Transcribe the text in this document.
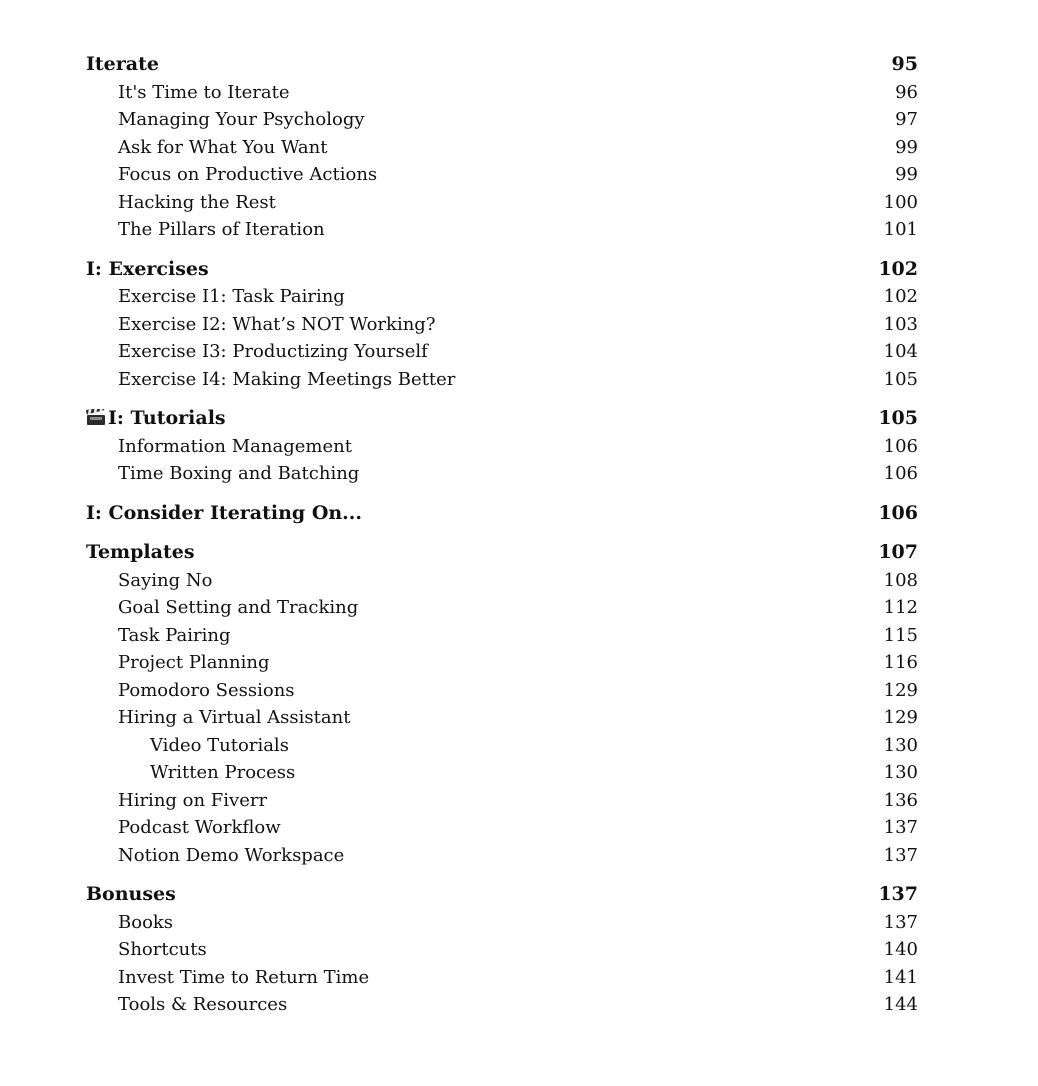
Iterate	95
It's Time to Iterate	96
Managing Your Psychology	97
Ask for What You Want	99
Focus on Productive Actions	99
Hacking the Rest	100
The Pillars of Iteration	101
I: Exercises	102
Exercise I1: Task Pairing	102
Exercise I2: What’s NOT Working?	103
Exercise I3: Productizing Yourself	104
Exercise I4: Making Meetings Better	105
I: Tutorials	105
Information Management	106
Time Boxing and Batching	106
I: Consider Iterating On...	106
Templates	107
Saying No	108
Goal Setting and Tracking	112
Task Pairing	115
Project Planning	116
Pomodoro Sessions	129
Hiring a Virtual Assistant	129
Video Tutorials	130
Written Process	130
Hiring on Fiverr	136
Podcast Workflow	137
Notion Demo Workspace	137
Bonuses	137
Books	137
Shortcuts	140
Invest Time to Return Time	141
Tools & Resources	144
